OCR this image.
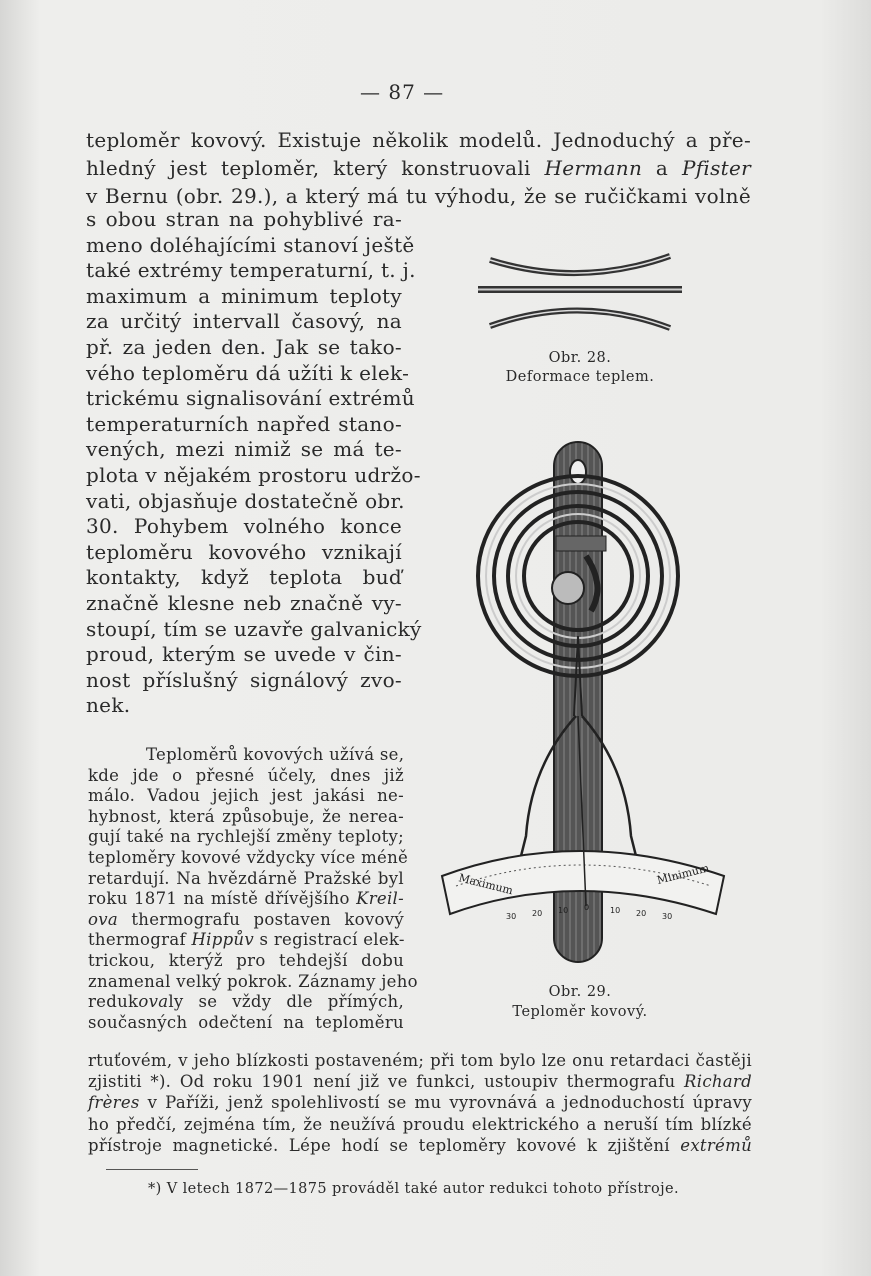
— 87 —
teploměr kovový. Existuje několik modelů. Jednoduchý a pře-
hledný jest teploměr, který konstruovali Hermann a Pfister
v Bernu (obr. 29.), a který má tu výhodu, že se ručičkami volně
s obou stran na pohyblivé ra-
meno doléhajícími stanoví ještě
také extrémy temperaturní, t. j.
maximum a minimum teploty
za určitý intervall časový, na
př. za jeden den. Jak se tako-
vého teploměru dá užíti k elek-
trickému signalisování extrémů
temperaturních napřed stano-
vených, mezi nimiž se má te-
plota v nějakém prostoru udržo-
vati, objasňuje dostatečně obr.
30. Pohybem volného konce
teploměru kovového vznikají
kontakty, když teplota buď
značně klesne neb značně vy-
stoupí, tím se uzavře galvanický
proud, kterým se uvede v čin-
nost příslušný signálový zvo-
nek.
Teploměrů kovových užívá se,
kde jde o přesné účely, dnes již
málo. Vadou jejich jest jakási ne-
hybnost, která způsobuje, že nerea-
gují také na rychlejší změny teploty;
teploměry kovové vždycky více méně
retardují. Na hvězdárně Pražské byl
roku 1871 na místě dřívějšího Kreil-
ova thermografu postaven kovový
thermograf Hippův s registrací elek-
trickou, kterýž pro tehdejší dobu
znamenal velký pokrok. Záznamy jeho
redukovaly se vždy dle přímých,
současných odečtení na teploměru
rtuťovém, v jeho blízkosti postaveném; při tom bylo lze onu retardaci častěji
zjistiti *). Od roku 1901 není již ve funkci, ustoupiv thermografu Richard
frères v Paříži, jenž spolehlivostí se mu vyrovnává a jednoduchostí úpravy
ho předčí, zejména tím, že neužívá proudu elektrického a neruší tím blízké
přístroje magnetické. Lépe hodí se teploměry kovové k zjištění extrémů
Obr. 28.
Deformace teplem.
Maximum	Minimum
30 20 10 0	10 20 30
Obr. 29.
Teploměr kovový.
*) V letech 1872—1875 prováděl také autor redukci tohoto přístroje.
